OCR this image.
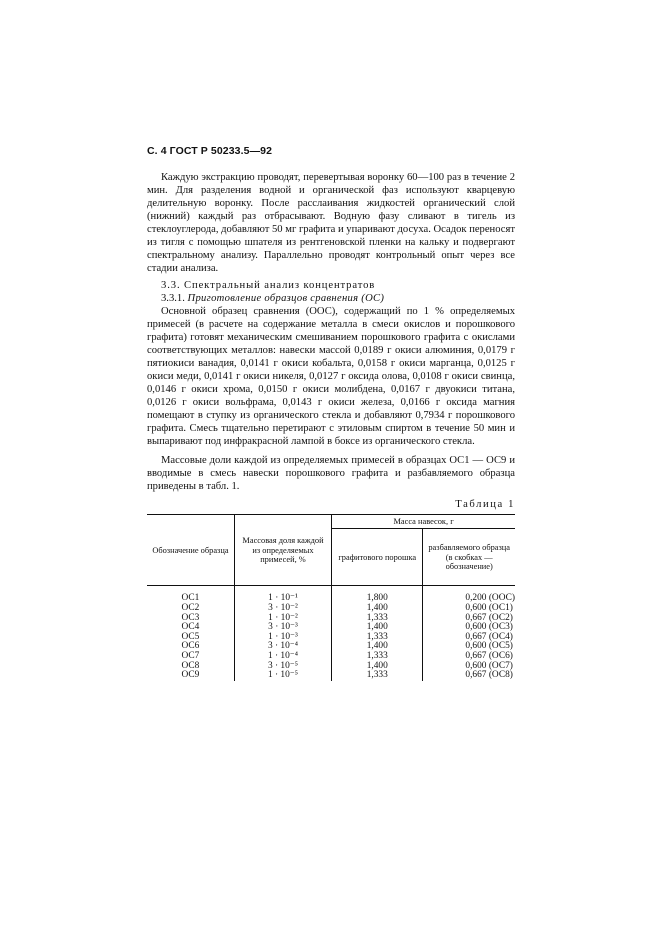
С. 4 ГОСТ Р 50233.5—92

Каждую экстракцию проводят, перевертывая воронку 60—100 раз в течение 2 мин. Для разделения водной и органической фаз используют кварцевую делительную воронку. После расслаивания жидкостей органический слой (нижний) каждый раз отбрасывают. Водную фазу сливают в тигель из стеклоуглерода, добавляют 50 мг графита и упаривают досуха. Осадок переносят из тигля с помощью шпателя из рентгеновской пленки на кальку и подвергают спектральному анализу. Параллельно проводят контрольный опыт через все стадии анализа.

3.3. Спектральный анализ концентратов
3.3.1. Приготовление образцов сравнения (ОС)

Основной образец сравнения (ООС), содержащий по 1 % определяемых примесей (в расчете на содержание металла в смеси окислов и порошкового графита) готовят механическим смешиванием порошкового графита с окислами соответствующих металлов: навески массой 0,0189 г окиси алюминия, 0,0179 г пятиокиси ванадия, 0,0141 г окиси кобальта, 0,0158 г окиси марганца, 0,0125 г окиси меди, 0,0141 г окиси никеля, 0,0127 г оксида олова, 0,0108 г окиси свинца, 0,0146 г окиси хрома, 0,0150 г окиси молибдена, 0,0167 г двуокиси титана, 0,0126 г окиси вольфрама, 0,0143 г окиси железа, 0,0166 г оксида магния помещают в ступку из органического стекла и добавляют 0,7934 г порошкового графита. Смесь тщательно перетирают с этиловым спиртом в течение 50 мин и выпаривают под инфракрасной лампой в боксе из органического стекла.

Массовые доли каждой из определяемых примесей в образцах ОС1 — ОС9 и вводимые в смесь навески порошкового графита и разбавляемого образца приведены в табл. 1.

Таблица 1
Обозначение образца	Массовая доля каждой из определяемых примесей, %	Масса навесок, г	
		графитового порошка	разбавляемого образца (в скобках — обозначение)

ОС1	1 · 10⁻¹	1,800	0,200 (ООС)
ОС2	3 · 10⁻²	1,400	0,600 (ОС1)
ОС3	1 · 10⁻²	1,333	0,667 (ОС2)
ОС4	3 · 10⁻³	1,400	0,600 (ОС3)
ОС5	1 · 10⁻³	1,333	0,667 (ОС4)
ОС6	3 · 10⁻⁴	1,400	0,600 (ОС5)
ОС7	1 · 10⁻⁴	1,333	0,667 (ОС6)
ОС8	3 · 10⁻⁵	1,400	0,600 (ОС7)
ОС9	1 · 10⁻⁵	1,333	0,667 (ОС8)
